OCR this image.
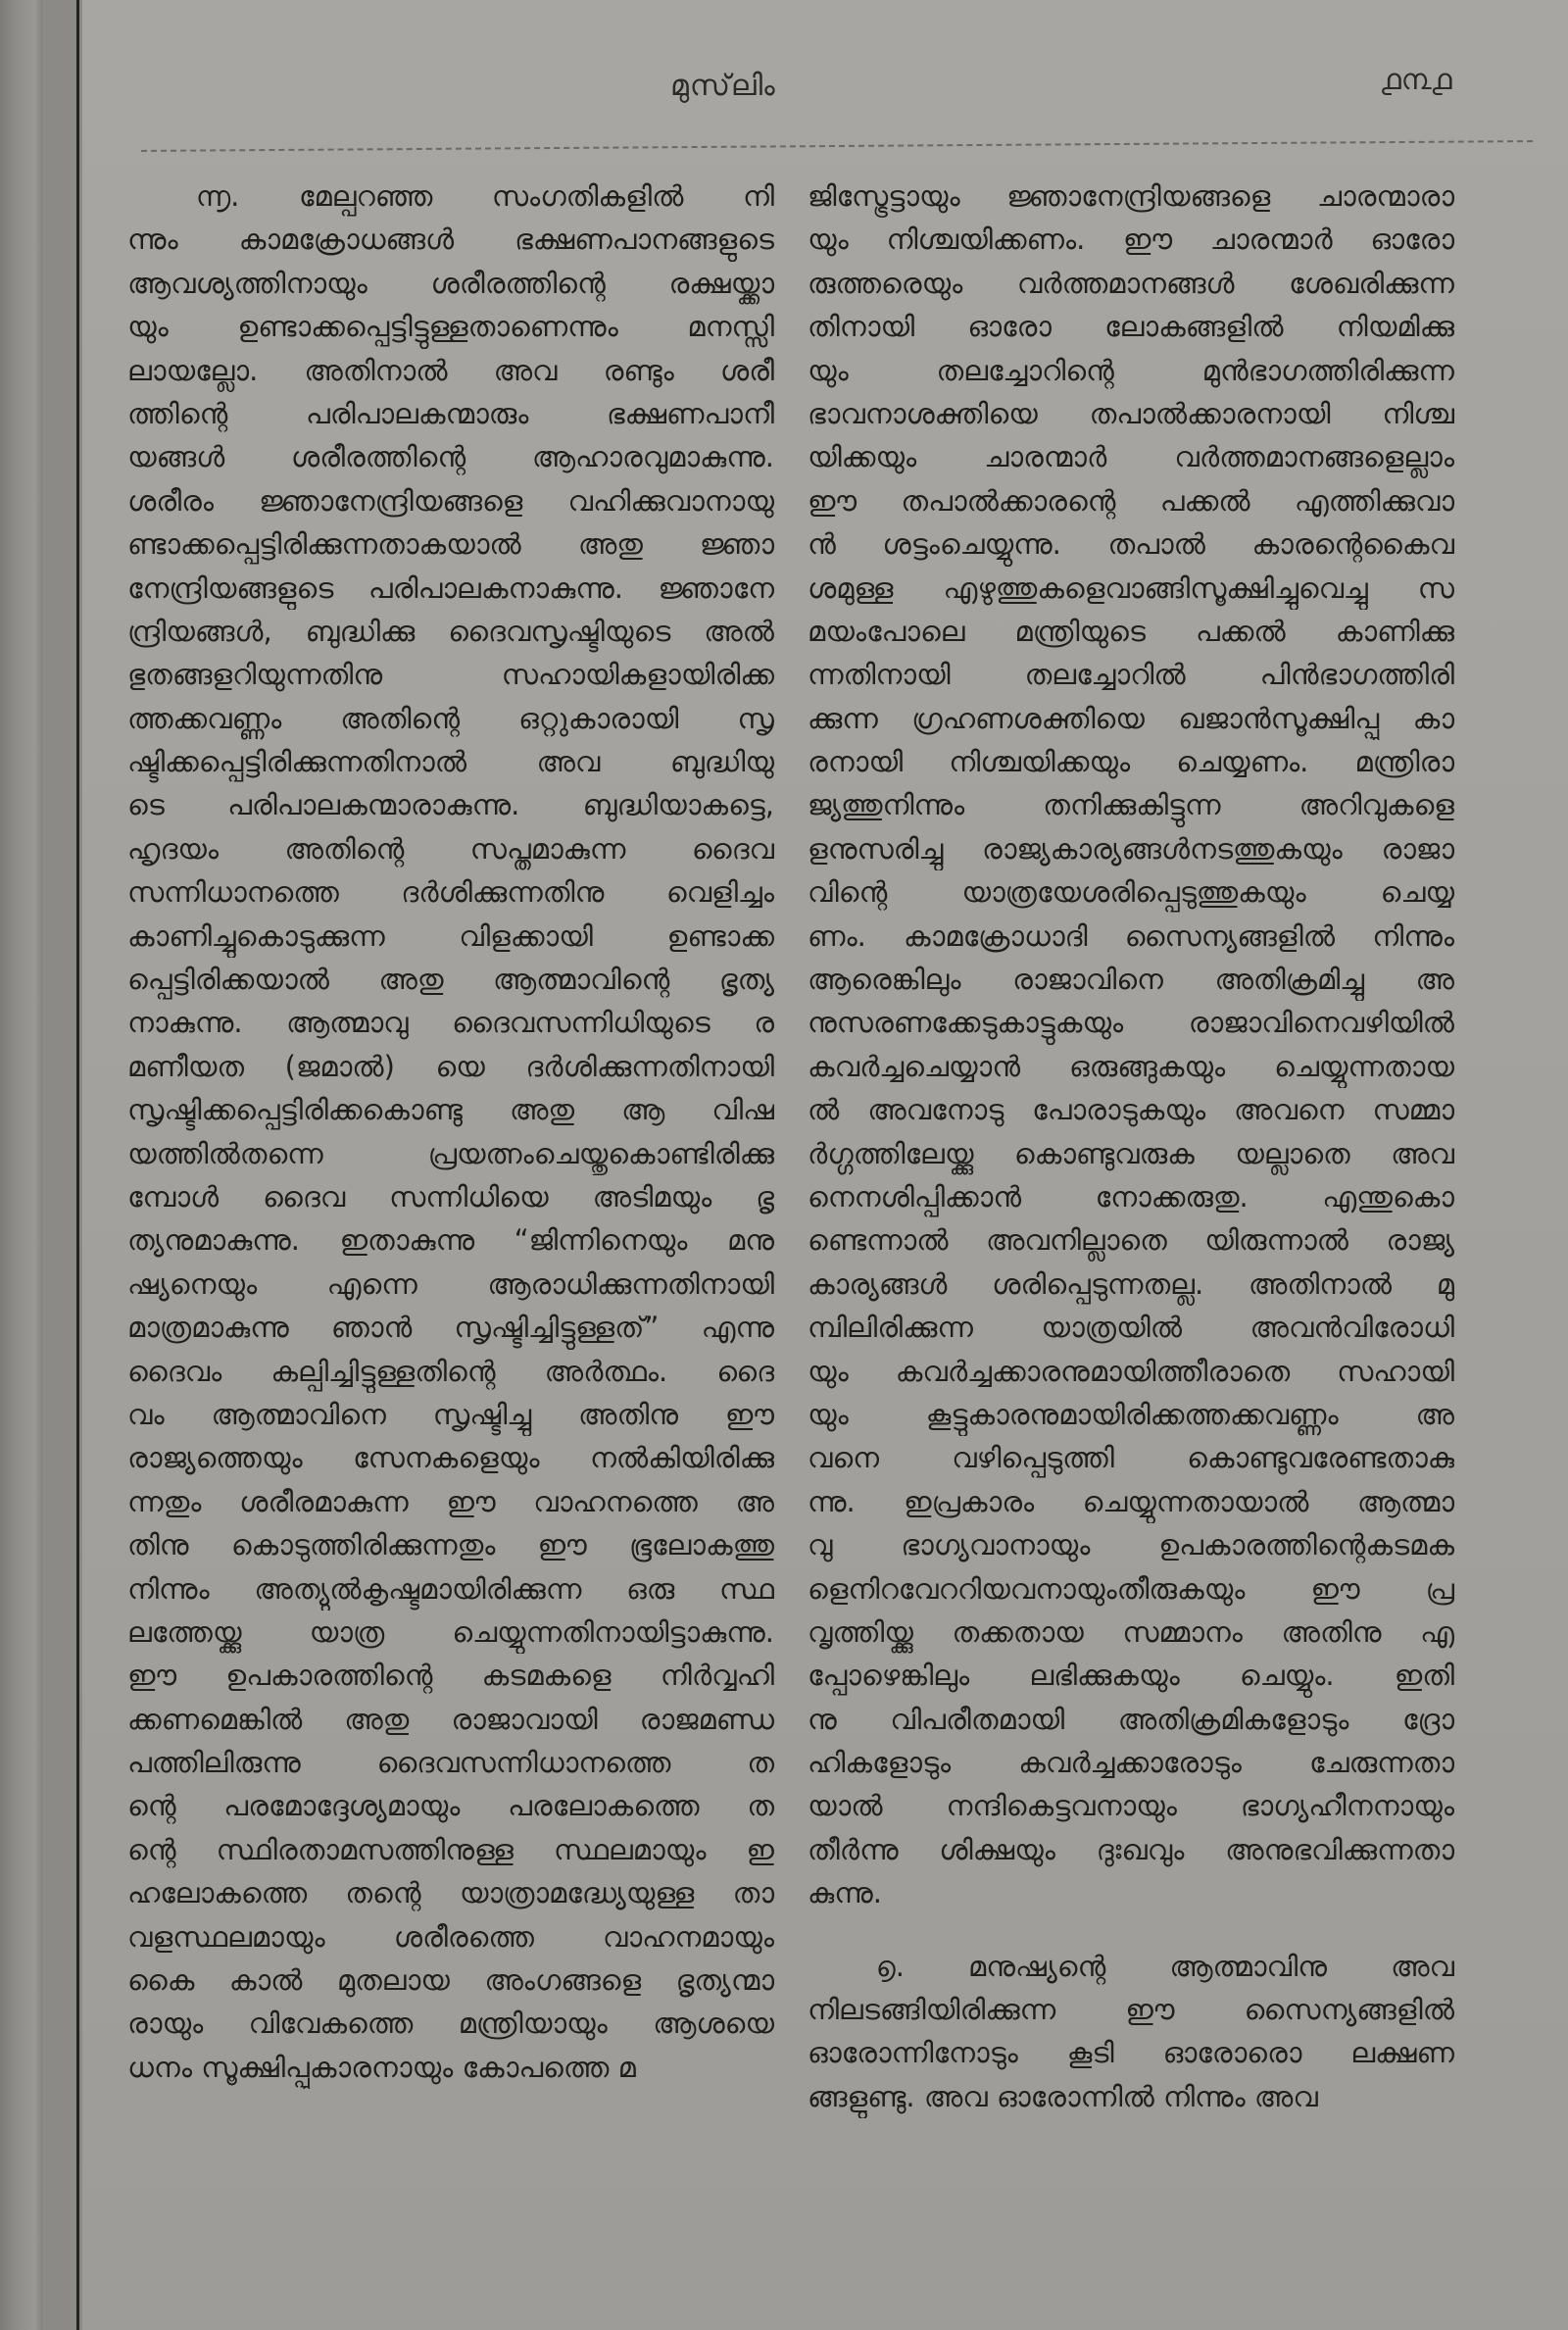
മുസ്‌ലിം	൧൩൧
൬. മേല്പറഞ്ഞ സംഗതികളിൽ നി
ന്നും കാമക്രോധങ്ങൾ ഭക്ഷണപാനങ്ങളുടെ
ആവശ്യത്തിനായും ശരീരത്തിന്റെ രക്ഷയ്ക്കാ
യും ഉണ്ടാക്കപ്പെട്ടിട്ടുള്ളതാണെന്നും മനസ്സി
ലായല്ലോ. അതിനാൽ അവ രണ്ടും ശരീ
ത്തിന്റെ പരിപാലകന്മാരും ഭക്ഷണപാനീ
യങ്ങൾ ശരീരത്തിന്റെ ആഹാരവുമാകുന്നു.
ശരീരം ജ്ഞാനേന്ദ്രിയങ്ങളെ വഹിക്കുവാനായു
ണ്ടാക്കപ്പെട്ടിരിക്കുന്നതാകയാൽ അതു ജ്ഞാ
നേന്ദ്രിയങ്ങളുടെ പരിപാലകനാകുന്നു. ജ്ഞാനേ
ന്ദ്രിയങ്ങൾ, ബുദ്ധിക്കു ദൈവസൃഷ്ടിയുടെ അൽ
ഭുതങ്ങളറിയുന്നതിനു സഹായികളായിരിക്ക
ത്തക്കവണ്ണം അതിന്റെ ഒറ്റുകാരായി സൃ
ഷ്ടിക്കപ്പെട്ടിരിക്കുന്നതിനാൽ അവ ബുദ്ധിയു
ടെ പരിപാലകന്മാരാകുന്നു. ബുദ്ധിയാകട്ടെ,
ഹൃദയം അതിന്റെ സപ്തമാകുന്ന ദൈവ
സന്നിധാനത്തെ ദർശിക്കുന്നതിനു വെളിച്ചം
കാണിച്ചുകൊടുക്കുന്ന വിളക്കായി ഉണ്ടാക്ക
പ്പെട്ടിരിക്കയാൽ അതു ആത്മാവിന്റെ ഭൃത്യ
നാകുന്നു. ആത്മാവു ദൈവസന്നിധിയുടെ ര
മണീയത (ജമാൽ) യെ ദർശിക്കുന്നതിനായി
സൃഷ്ടിക്കപ്പെട്ടിരിക്കകൊണ്ടു അതു ആ വിഷ
യത്തിൽതന്നെ പ്രയത്നംചെയ്തുകൊണ്ടിരിക്കു
മ്പോൾ ദൈവ സന്നിധിയെ അടിമയും ഭൃ
ത്യനുമാകുന്നു. ഇതാകുന്നു “ജിന്നിനെയും മനു
ഷ്യനെയും എന്നെ ആരാധിക്കുന്നതിനായി
മാത്രമാകുന്നു ഞാൻ സൃഷ്ടിച്ചിട്ടുള്ളത്” എന്നു
ദൈവം കല്പിച്ചിട്ടുള്ളതിന്റെ അർത്ഥം. ദൈ
വം ആത്മാവിനെ സൃഷ്ടിച്ചു അതിനു ഈ
രാജ്യത്തെയും സേനകളെയും നൽകിയിരിക്കു
ന്നതും ശരീരമാകുന്ന ഈ വാഹനത്തെ അ
തിനു കൊടുത്തിരിക്കുന്നതും ഈ ഭൂലോകത്തു
നിന്നും അത്യുൽകൃഷ്ടമായിരിക്കുന്ന ഒരു സ്ഥ
ലത്തേയ്ക്കു യാത്ര ചെയ്യുന്നതിനായിട്ടാകുന്നു.
ഈ ഉപകാരത്തിന്റെ കടമകളെ നിർവ്വഹി
ക്കണമെങ്കിൽ അതു രാജാവായി രാജമണ്ഡ
പത്തിലിരുന്നു ദൈവസന്നിധാനത്തെ ത
ന്റെ പരമോദ്ദേശ്യമായും പരലോകത്തെ ത
ന്റെ സ്ഥിരതാമസത്തിനുള്ള സ്ഥലമായും ഇ
ഹലോകത്തെ തന്റെ യാത്രാമദ്ധ്യേയുള്ള താ
വളസ്ഥലമായും ശരീരത്തെ വാഹനമായും
കൈ കാൽ മുതലായ അംഗങ്ങളെ ഭൃത്യന്മാ
രായും വിവേകത്തെ മന്ത്രിയായും ആശയെ
ധനം സൂക്ഷിപ്പുകാരനായും കോപത്തെ മ
ജിസ്ട്രേട്ടായും ജ്ഞാനേന്ദ്രിയങ്ങളെ ചാരന്മാരാ
യും നിശ്ചയിക്കണം. ഈ ചാരന്മാർ ഓരോ
രുത്തരെയും വർത്തമാനങ്ങൾ ശേഖരിക്കുന്ന
തിനായി ഓരോ ലോകങ്ങളിൽ നിയമിക്കു
യും തലച്ചോറിന്റെ മുൻഭാഗത്തിരിക്കുന്ന
ഭാവനാശക്തിയെ തപാൽക്കാരനായി നിശ്ച
യിക്കയും ചാരന്മാർ വർത്തമാനങ്ങളെല്ലാം
ഈ തപാൽക്കാരന്റെ പക്കൽ എത്തിക്കുവാ
ൻ ശട്ടംചെയ്യുന്നു. തപാൽ കാരന്റെകൈവ
ശമുള്ള എഴുത്തുകളെവാങ്ങിസൂക്ഷിച്ചുവെച്ചു സ
മയംപോലെ മന്ത്രിയുടെ പക്കൽ കാണിക്കു
ന്നതിനായി തലച്ചോറിൽ പിൻഭാഗത്തിരി
ക്കുന്ന ഗ്രഹണശക്തിയെ ഖജാൻസൂക്ഷിപ്പു കാ
രനായി നിശ്ചയിക്കയും ചെയ്യണം. മന്ത്രിരാ
ജ്യത്തുനിന്നും തനിക്കുകിട്ടുന്ന അറിവുകളെ
ളനുസരിച്ചു രാജ്യകാര്യങ്ങൾനടത്തുകയും രാജാ
വിന്റെ യാത്രയേശരിപ്പെടുത്തുകയും ചെയ്യ
ണം. കാമക്രോധാദി സൈന്യങ്ങളിൽ നിന്നും
ആരെങ്കിലും രാജാവിനെ അതിക്രമിച്ചു അ
നുസരണക്കേടുകാട്ടുകയും രാജാവിനെവഴിയിൽ
കവർച്ചചെയ്യാൻ ഒരുങ്ങുകയും ചെയ്യുന്നതായ
ൽ അവനോടു പോരാടുകയും അവനെ സമ്മാ
ർഗ്ഗത്തിലേയ്ക്കു കൊണ്ടുവരുക യല്ലാതെ അവ
നെനശിപ്പിക്കാൻ നോക്കരുതു. എന്തുകൊ
ണ്ടെന്നാൽ അവനില്ലാതെ യിരുന്നാൽ രാജ്യ
കാര്യങ്ങൾ ശരിപ്പെടുന്നതല്ല. അതിനാൽ മു
മ്പിലിരിക്കുന്ന യാത്രയിൽ അവൻവിരോധി
യും കവർച്ചക്കാരനുമായിത്തീരാതെ സഹായി
യും കൂട്ടുകാരനുമായിരിക്കത്തക്കവണ്ണം അ
വനെ വഴിപ്പെടുത്തി കൊണ്ടുവരേണ്ടതാകു
ന്നു. ഇപ്രകാരം ചെയ്യുന്നതായാൽ ആത്മാ
വു ഭാഗ്യവാനായും ഉപകാരത്തിന്റെകടമക
ളെനിറവേററിയവനായുംതീരുകയും ഈ പ്ര
വൃത്തിയ്ക്കു തക്കതായ സമ്മാനം അതിനു എ
പ്പോഴെങ്കിലും ലഭിക്കുകയും ചെയ്യും. ഇതി
നു വിപരീതമായി അതിക്രമികളോടും ദ്രോ
ഹികളോടും കവർച്ചക്കാരോടും ചേരുന്നതാ
യാൽ നന്ദികെട്ടവനായും ഭാഗ്യഹീനനായും
തീർന്നു ശിക്ഷയും ദുഃഖവും അനുഭവിക്കുന്നതാ
കുന്നു.
൭. മനുഷ്യന്റെ ആത്മാവിനു അവ
നിലടങ്ങിയിരിക്കുന്ന ഈ സൈന്യങ്ങളിൽ
ഓരോന്നിനോടും കൂടി ഓരോരൊ ലക്ഷണ
ങ്ങളുണ്ടു. അവ ഓരോന്നിൽ നിന്നും അവ
